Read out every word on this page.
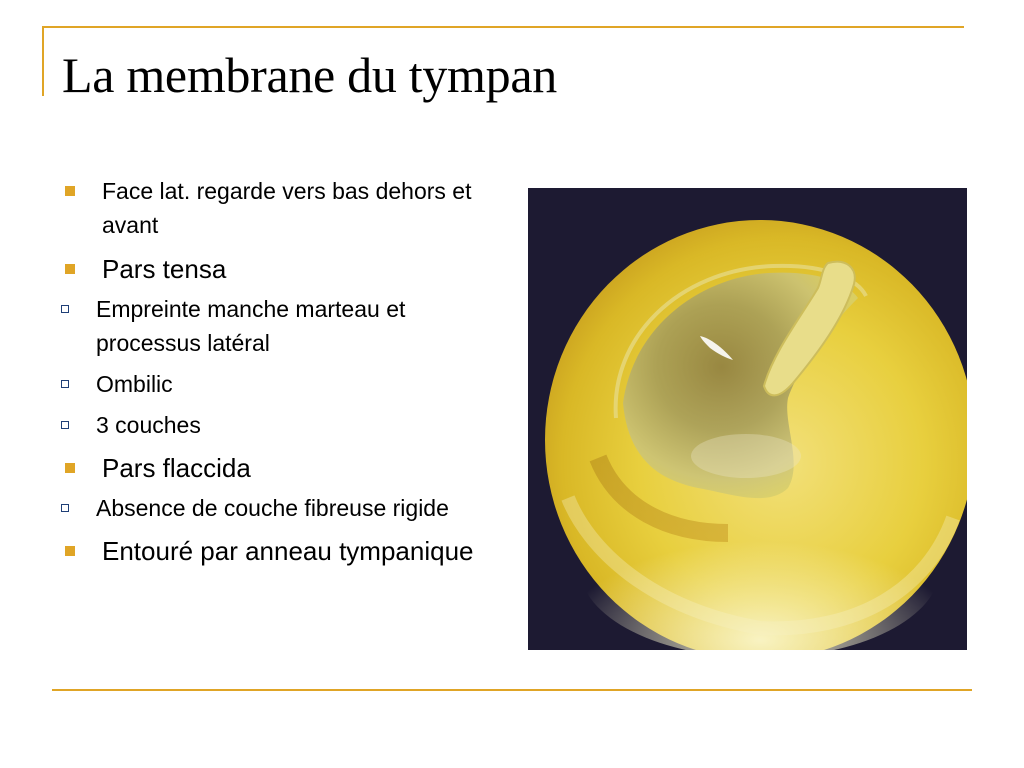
La membrane du tympan
Face lat. regarde vers bas dehors et avant
Pars tensa
Empreinte manche marteau et processus latéral
Ombilic
3 couches
Pars flaccida
Absence de couche fibreuse rigide
Entouré par anneau tympanique
